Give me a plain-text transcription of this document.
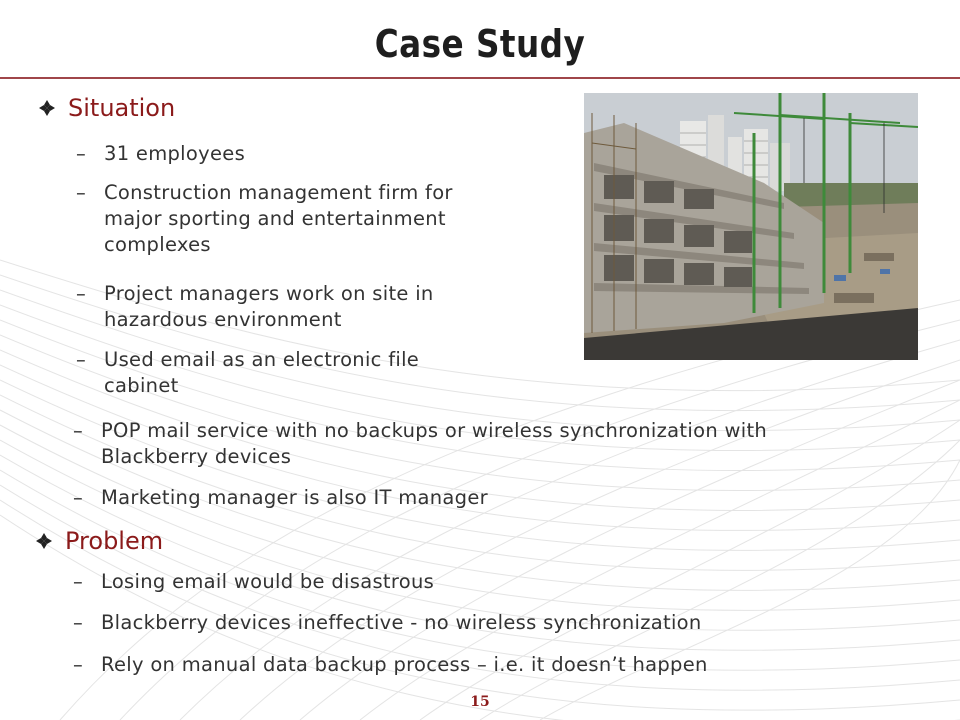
Case Study
Situation
– 31 employees
– Construction management firm for
major sporting and entertainment
complexes
– Project managers work on site in
hazardous environment
– Used email as an electronic file
cabinet
– POP mail service with no backups or wireless synchronization with
Blackberry devices
– Marketing manager is also IT manager
Problem
– Losing email would be disastrous
– Blackberry devices ineffective - no wireless synchronization
– Rely on manual data backup process – i.e. it doesn’t happen
15
